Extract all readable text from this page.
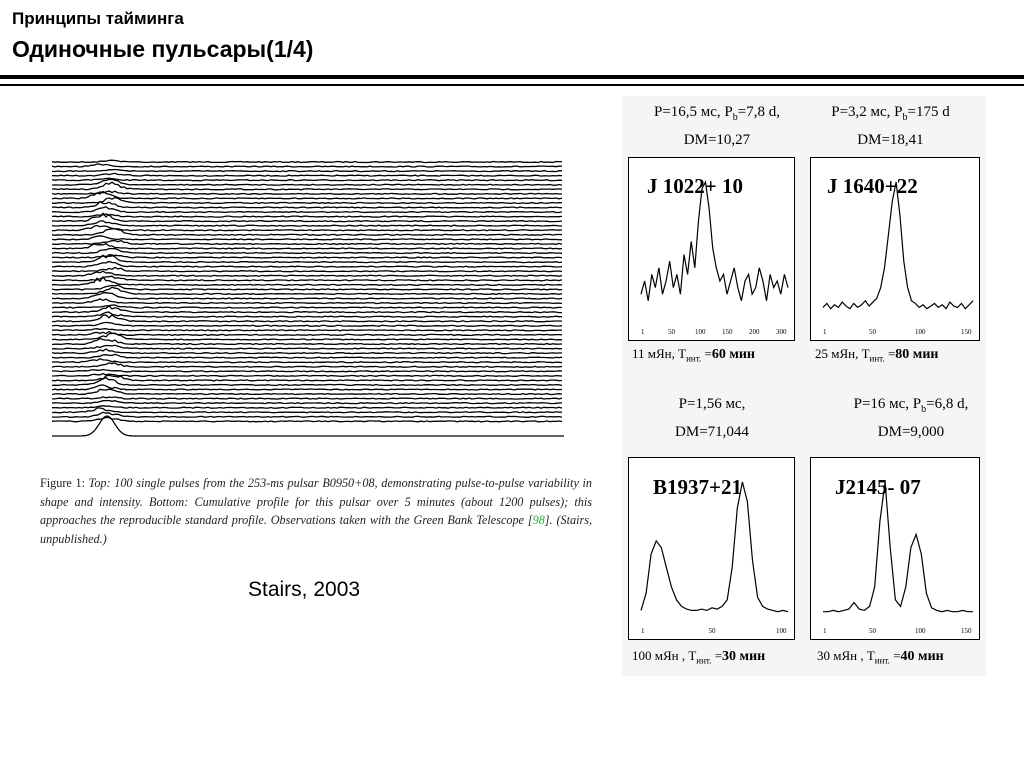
Принципы тайминга
Одиночные пульсары(1/4)
Figure 1: Top: 100 single pulses from the 253-ms pulsar B0950+08, demonstrating pulse-to-pulse variability in shape and intensity. Bottom: Cumulative profile for this pulsar over 5 minutes (about 1200 pulses); this approaches the reproducible standard profile. Observations taken with the Green Bank Telescope [98]. (Stairs, unpublished.)
Stairs, 2003
P=16,5 мс, $P_b=7,8$ d,
DM=10,27
1	50	100 150 200 300
J 1022+ 10
11 мЯн, $T_{инт.} =60$ мин
P=3,2 мс, $P_b=175$ d
DM=18,41
1	50	100	150
J 1640+22
25 мЯн, $T_{инт.} =80$ мин
P=1,56 мс,
DM=71,044
1	50	100
B1937+21
100 мЯн , $T_{инт.} =30$ мин
P=16 мс, $P_b=6,8$ d,
DM=9,000
1	50	100	150
J2145- 07
30 мЯн , $T_{инт.} =40$ мин
